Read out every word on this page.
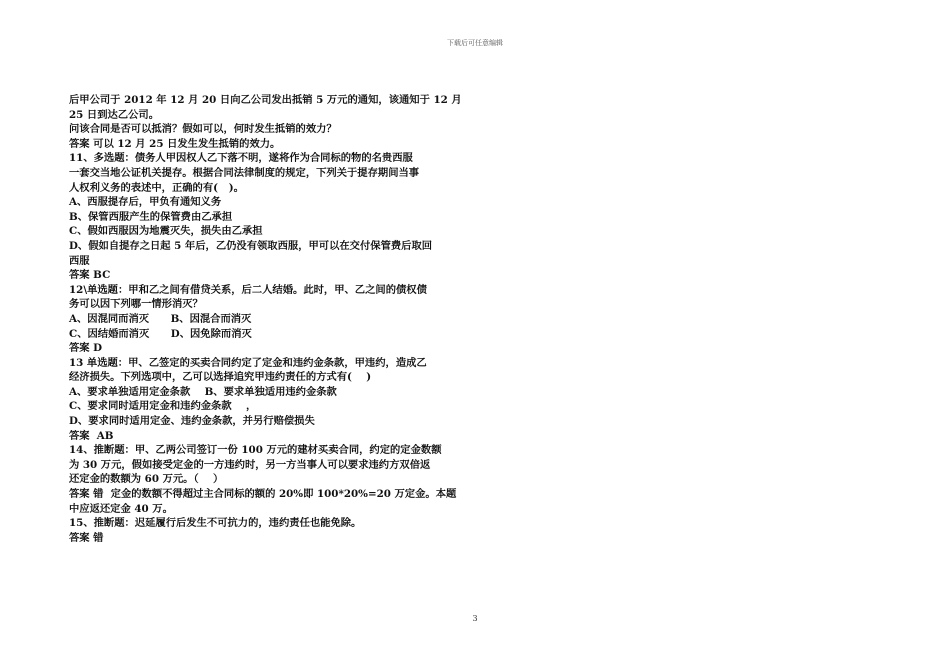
下载后可任意编辑
后甲公司于 2012 年 12 月 20 日向乙公司发出抵销 5 万元的通知，该通知于 12 月
25 日到达乙公司。
问该合同是否可以抵消？假如可以，何时发生抵销的效力？
答案 可以 12 月 25 日发生发生抵销的效力。
11、多选题：债务人甲因权人乙下落不明，遂将作为合同标的物的名贵西服
一套交当地公证机关提存。根据合同法律制度的规定，下列关于提存期间当事
人权利义务的表述中，正确的有(   )。
A、西服提存后，甲负有通知义务
B、保管西服产生的保管费由乙承担
C、假如西服因为地震灭失，损失由乙承担
D、假如自提存之日起 5 年后，乙仍没有领取西服，甲可以在交付保管费后取回
西服
答案 BC
12\单选题：甲和乙之间有借贷关系，后二人结婚。此时，甲、乙之间的债权债
务可以因下列哪一情形消灭？
A、因混同而消灭      B、因混合而消灭
C、因结婚而消灭      D、因免除而消灭
答案 D
13 单选题：甲、乙签定的买卖合同约定了定金和违约金条款，甲违约，造成乙
经济损失。下列选项中，乙可以选择追究甲违约责任的方式有(    )
A、要求单独适用定金条款    B、要求单独适用违约金条款
C、要求同时适用定金和违约金条款    ，
D、要求同时适用定金、违约金条款，并另行赔偿损失
答案  AB
14、推断题：甲、乙两公司签订一份 100 万元的建材买卖合同，约定的定金数额
为 30 万元，假如接受定金的一方违约时，另一方当事人可以要求违约方双倍返
还定金的数额为 60 万元。（    ）
答案 错  定金的数额不得超过主合同标的额的 20%即 100*20%=20 万定金。本题
中应返还定金 40 万。
15、推断题：迟延履行后发生不可抗力的，违约责任也能免除。
答案 错
3
